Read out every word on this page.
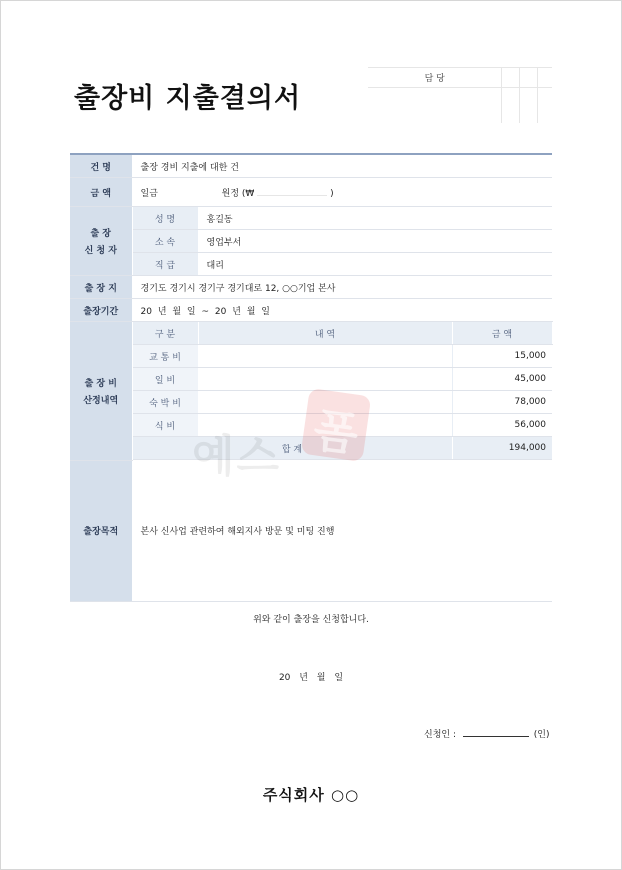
출장비 지출결의서
담 당			

건 명	출장 경비 지출에 대한 건		
금 액	일금 원정 (₩ )		

출 장
신 청 자	성 명	홍길동	
	소 속	영업부서	
	직 급	대리	
출 장 지	경기도 경기시 경기구 경기대로 12, ○○기업 본사		
출장기간	20 년 월 일 ~ 20 년 월 일		

출 장 비
산정내역	구 분	내 역	금 액
	교 통 비		15,000
	일 비		45,000
	숙 박 비		78,000
	식 비		56,000
	합 계		194,000

출장목적	본사 신사업 관련하여 해외지사 방문 및 미팅 진행		
폼
위와 같이 출장을 신청합니다.
20 년 월 일
신청인 :	(인)
주식회사 ○○
